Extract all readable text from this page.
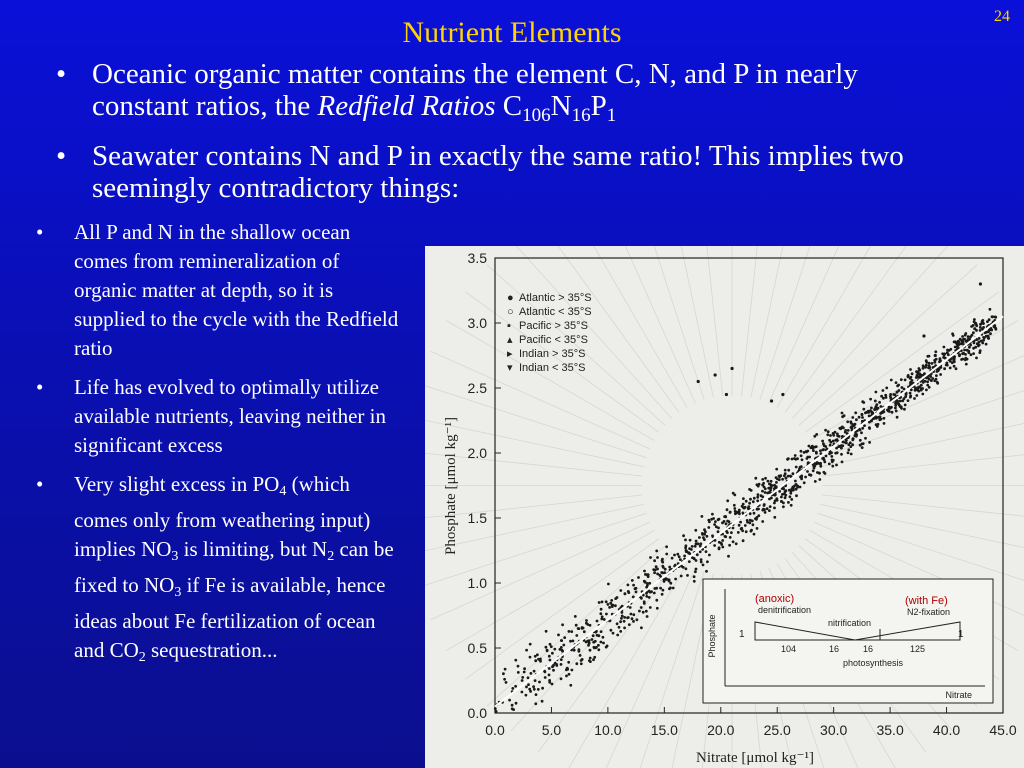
24
Nutrient Elements
• Oceanic organic matter contains the element C, N, and P in nearly constant ratios, the Redfield Ratios $C_{106}N_{16}P_1$
• Seawater contains N and P in exactly the same ratio! This implies two seemingly contradictory things:
• All P and N in the shallow ocean comes from remineralization of organic matter at depth, so it is supplied to the cycle with the Redfield ratio
• Life has evolved to optimally utilize available nutrients, leaving neither in significant excess
• Very slight excess in PO4 (which comes only from weathering input) implies NO3 is limiting, but N2 can be fixed to NO3 if Fe is available, hence ideas about Fe fertilization of ocean and CO2 sequestration...
0.0
0.5
1.0
1.5
2.0
2.5
3.0
3.5
0.0	5.0 10.0 15.0 20.0 25.0 30.0 35.0 40.0 45.0
Phosphate [μmol kg⁻¹]
Nitrate [μmol kg⁻¹]
● Atlantic > 35°S
○ Atlantic < 35°S
▪ Pacific > 35°S
▴ Pacific < 35°S
▸ Indian > 35°S
▾ Indian < 35°S
Phosphate
Nitrate
(anoxic)
denitrification
(with Fe)
N2-fixation
nitrification
photosynthesis
104	16	16	125
1	1
